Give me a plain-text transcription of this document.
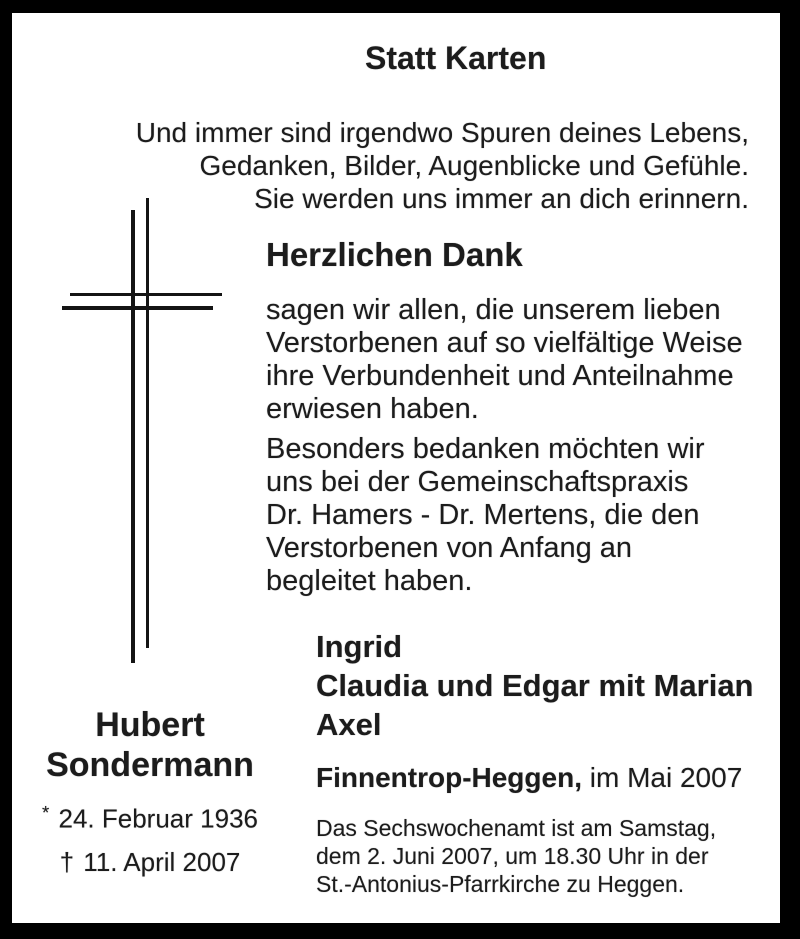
Statt Karten
Und immer sind irgendwo Spuren deines Lebens,
Gedanken, Bilder, Augenblicke und Gefühle.
Sie werden uns immer an dich erinnern.
Herzlichen Dank
sagen wir allen, die unserem lieben
Verstorbenen auf so vielfältige Weise
ihre Verbundenheit und Anteilnahme
erwiesen haben.
Besonders bedanken möchten wir
uns bei der Gemeinschaftspraxis
Dr. Hamers - Dr. Mertens, die den
Verstorbenen von Anfang an
begleitet haben.
Ingrid
Claudia und Edgar mit Marian
Axel
Finnentrop-Heggen, im Mai 2007
Das Sechswochenamt ist am Samstag,
dem 2. Juni 2007, um 18.30 Uhr in der
St.-Antonius-Pfarrkirche zu Heggen.
Hubert
Sondermann
* 24. Februar 1936
† 11. April 2007
